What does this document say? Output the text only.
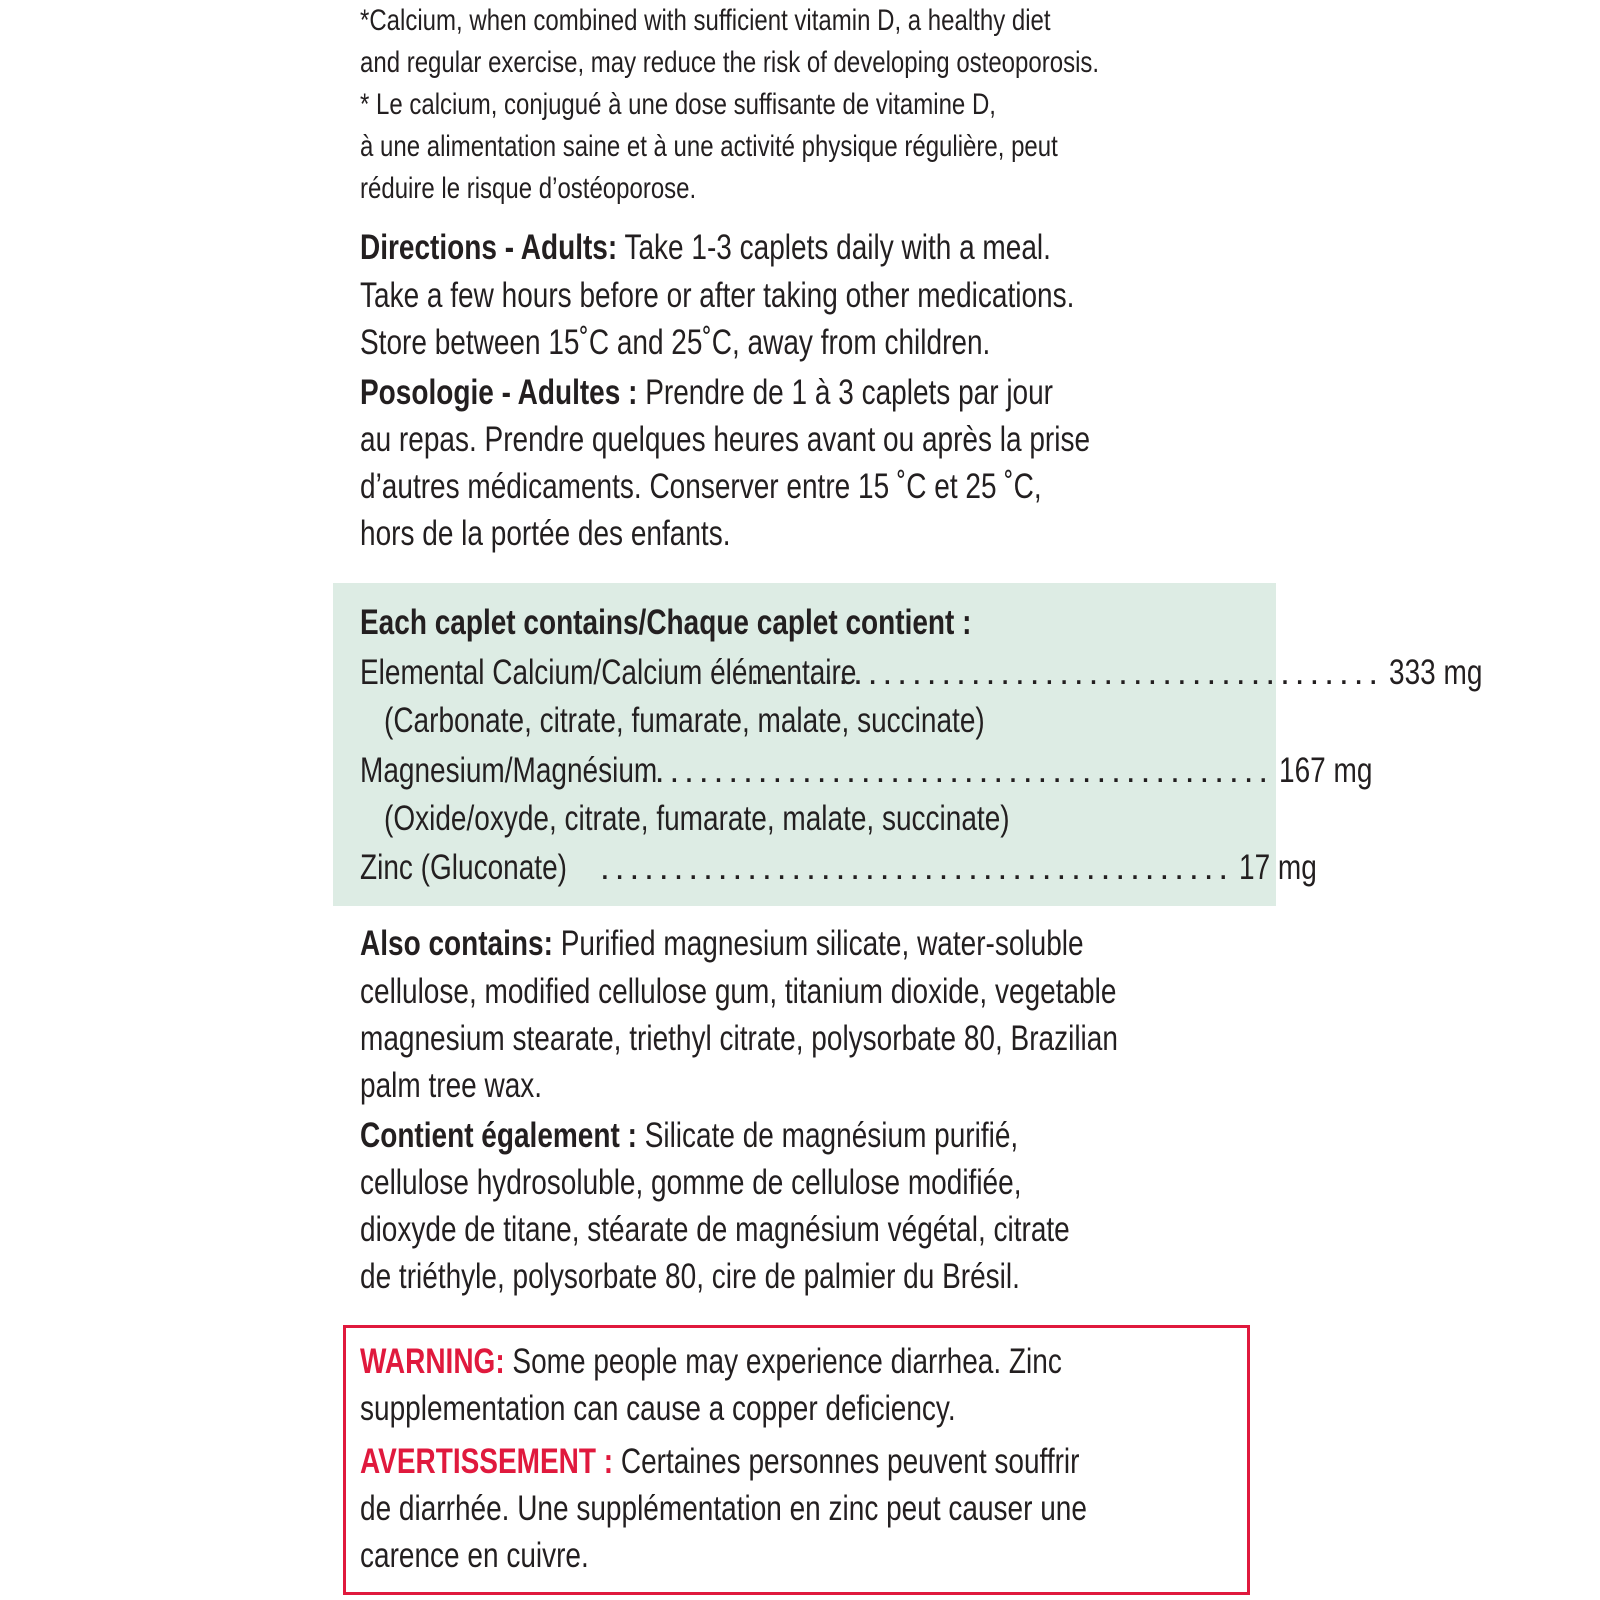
*Calcium, when combined with sufficient vitamin D, a healthy diet
and regular exercise, may reduce the risk of developing osteoporosis.
* Le calcium, conjugué à une dose suffisante de vitamine D,
à une alimentation saine et à une activité physique régulière, peut
réduire le risque d’ostéoporose.
Directions - Adults: Take 1-3 caplets daily with a meal.
Take a few hours before or after taking other medications.
Store between 15˚C and 25˚C, away from children.
Posologie - Adultes : Prendre de 1 à 3 caplets par jour
au repas. Prendre quelques heures avant ou après la prise
d’autres médicaments. Conserver entre 15 ˚C et 25 ˚C,
hors de la portée des enfants.
Each caplet contains/Chaque caplet contient :
Elemental Calcium/Calcium élémentaire
........................................... 333 mg
(Carbonate, citrate, fumarate, malate, succinate)
Magnesium/Magnésium
........................................... 167 mg
(Oxide/oxyde, citrate, fumarate, malate, succinate)
Zinc (Gluconate) ........................................... 17 mg
Also contains: Purified magnesium silicate, water-soluble
cellulose, modified cellulose gum, titanium dioxide, vegetable
magnesium stearate, triethyl citrate, polysorbate 80, Brazilian
palm tree wax.
Contient également : Silicate de magnésium purifié,
cellulose hydrosoluble, gomme de cellulose modifiée,
dioxyde de titane, stéarate de magnésium végétal, citrate
de triéthyle, polysorbate 80, cire de palmier du Brésil.
WARNING: Some people may experience diarrhea. Zinc
supplementation can cause a copper deficiency.
AVERTISSEMENT : Certaines personnes peuvent souffrir
de diarrhée. Une supplémentation en zinc peut causer une
carence en cuivre.
